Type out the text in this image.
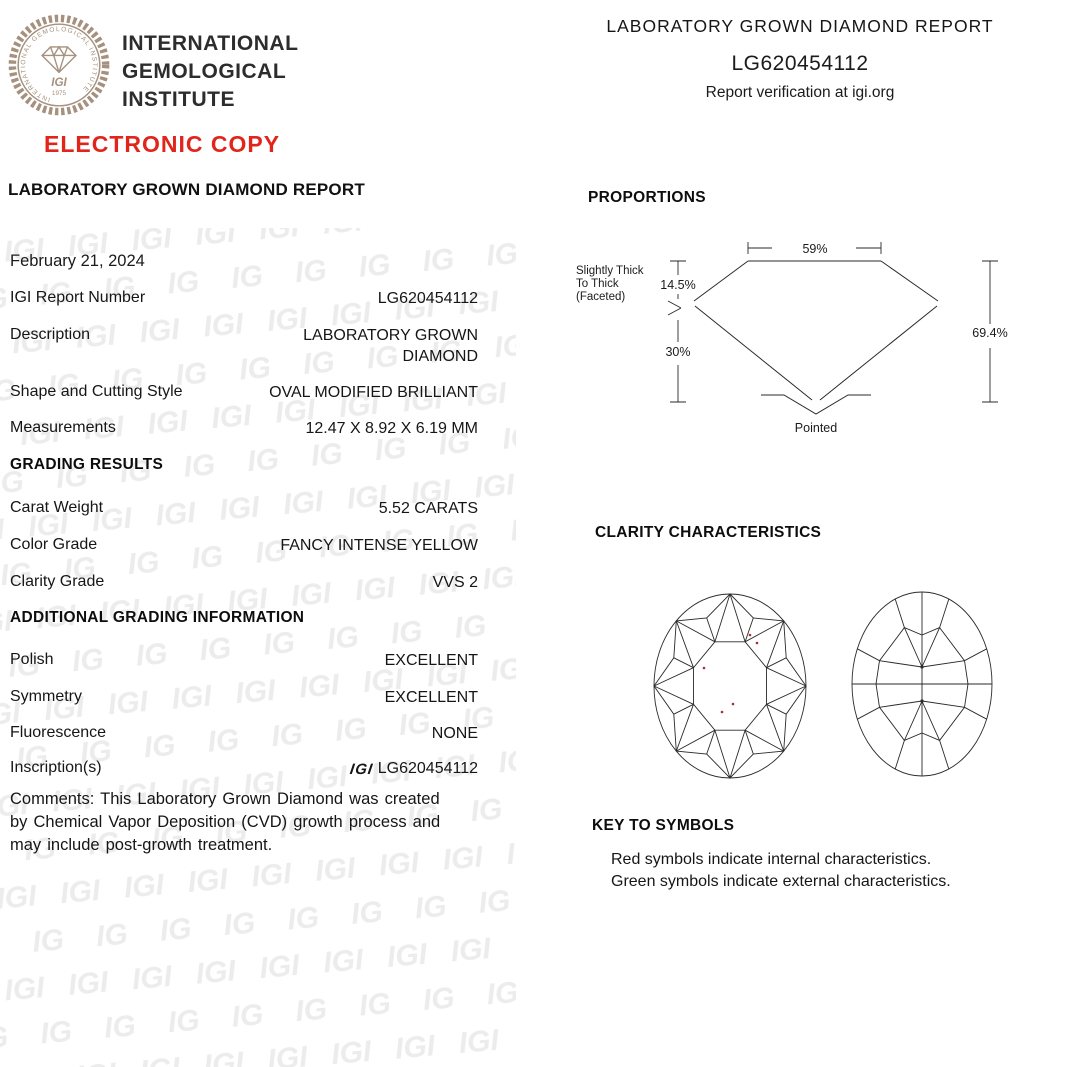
INTERNATIONAL GEMOLOGICAL INSTITUTE
IGI
1975
INTERNATIONAL
GEMOLOGICAL
INSTITUTE
ELECTRONIC COPY
LABORATORY GROWN DIAMOND REPORT
February 21, 2024
IGI Report Number	LG620454112
Description	LABORATORY GROWN DIAMOND
Shape and Cutting Style	OVAL MODIFIED BRILLIANT
Measurements	12.47 X 8.92 X 6.19 MM
GRADING RESULTS
Carat Weight	5.52 CARATS
Color Grade	FANCY INTENSE YELLOW
Clarity Grade	VVS 2
ADDITIONAL GRADING INFORMATION
Polish	EXCELLENT
Symmetry	EXCELLENT
Fluorescence	NONE
Inscription(s)	IGI LG620454112
Comments: This Laboratory Grown Diamond was created by Chemical Vapor Deposition (CVD) growth process and may include post-growth treatment.
LABORATORY GROWN DIAMOND REPORT
LG620454112
Report verification at igi.org
PROPORTIONS
59%
14.5%
30%
69.4%
Slightly Thick
To Thick
(Faceted)
Pointed
CLARITY CHARACTERISTICS
KEY TO SYMBOLS
Red symbols indicate internal characteristics.
Green symbols indicate external characteristics.
